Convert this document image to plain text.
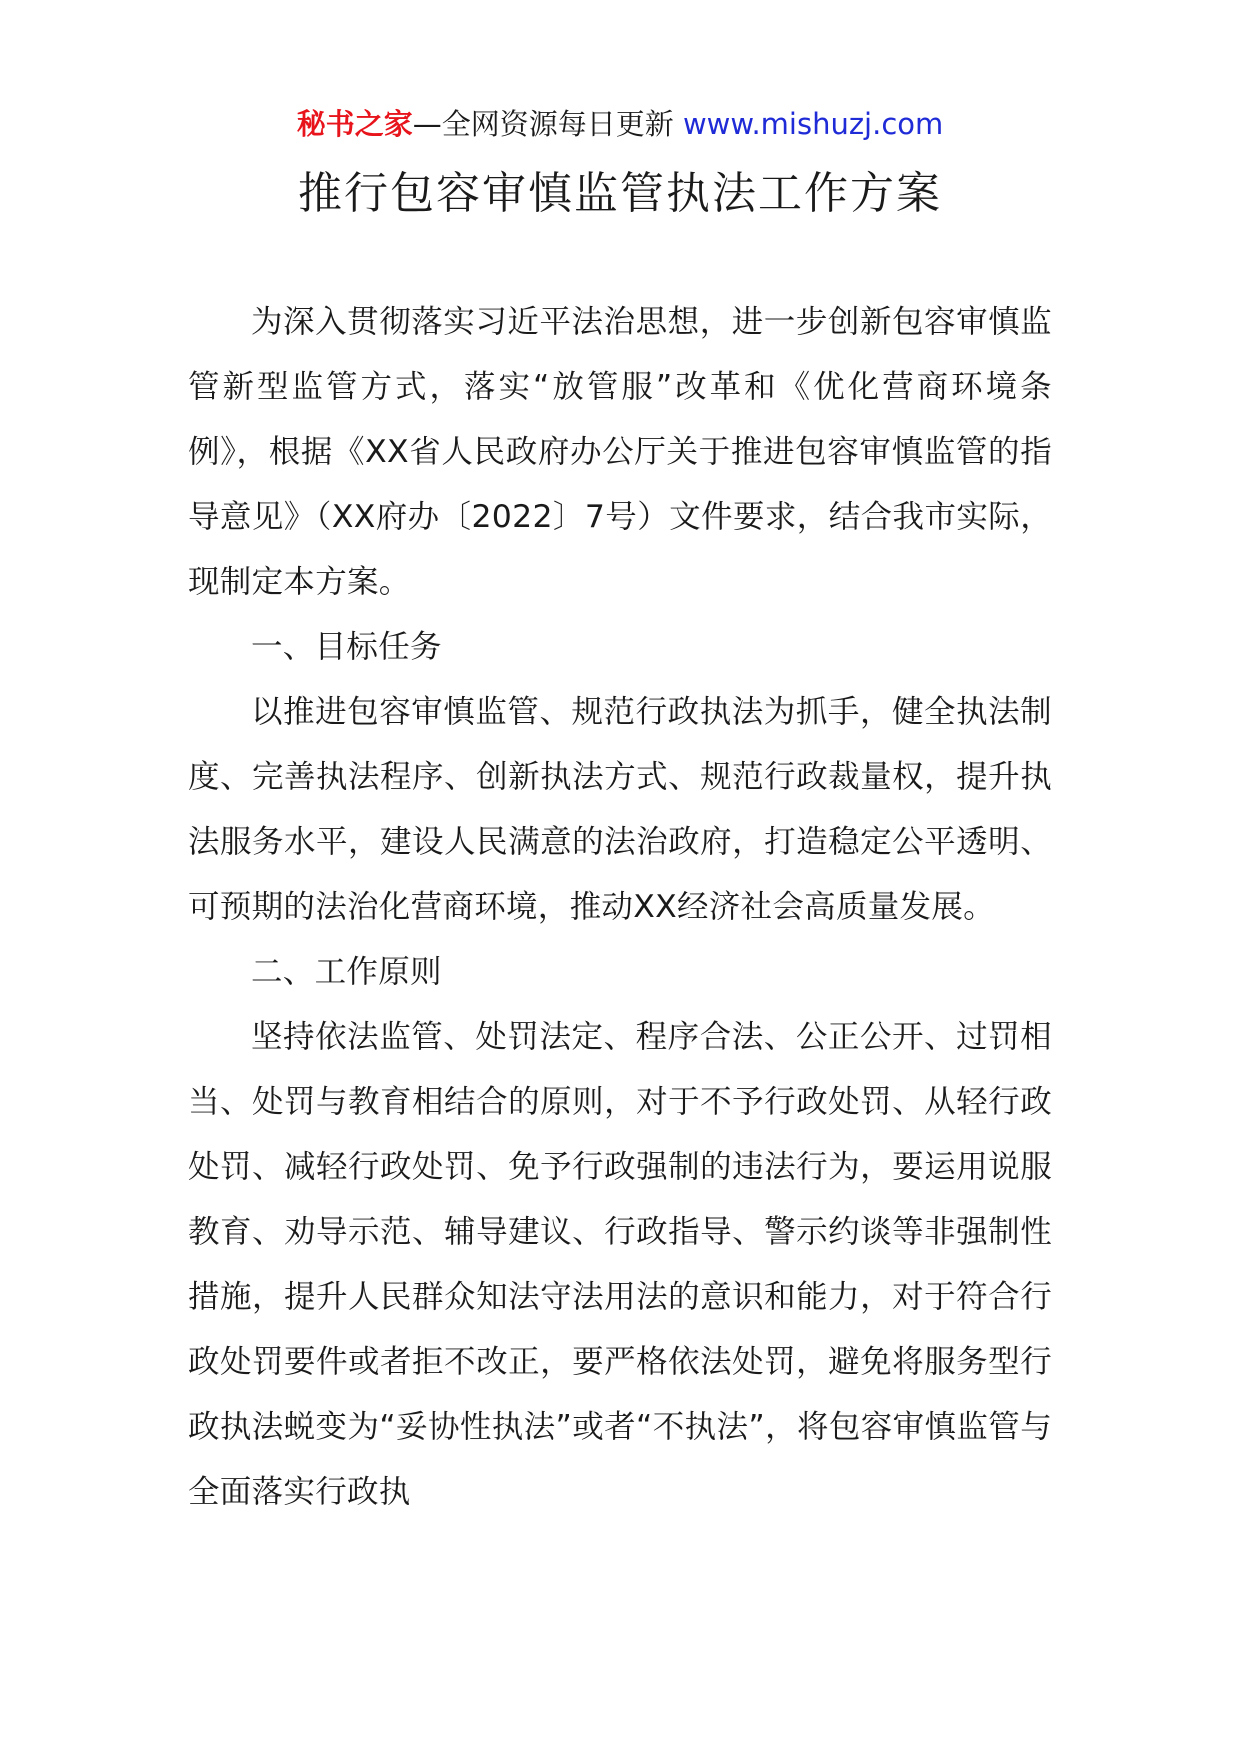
秘书之家—全网资源每日更新 www.mishuzj.com
推行包容审慎监管执法工作方案

为深入贯彻落实习近平法治思想，进一步创新包容审慎监管新型监管方式，落实“放管服”改革和《优化营商环境条例》，根据《XX省人民政府办公厅关于推进包容审慎监管的指导意见》（XX府办〔2022〕7号）文件要求，结合我市实际，现制定本方案。

一、目标任务

以推进包容审慎监管、规范行政执法为抓手，健全执法制度、完善执法程序、创新执法方式、规范行政裁量权，提升执法服务水平，建设人民满意的法治政府，打造稳定公平透明、可预期的法治化营商环境，推动XX经济社会高质量发展。

二、工作原则

坚持依法监管、处罚法定、程序合法、公正公开、过罚相当、处罚与教育相结合的原则，对于不予行政处罚、从轻行政处罚、减轻行政处罚、免予行政强制的违法行为，要运用说服教育、劝导示范、辅导建议、行政指导、警示约谈等非强制性措施，提升人民群众知法守法用法的意识和能力，对于符合行政处罚要件或者拒不改正，要严格依法处罚，避免将服务型行政执法蜕变为“妥协性执法”或者“不执法”，将包容审慎监管与全面落实行政执
